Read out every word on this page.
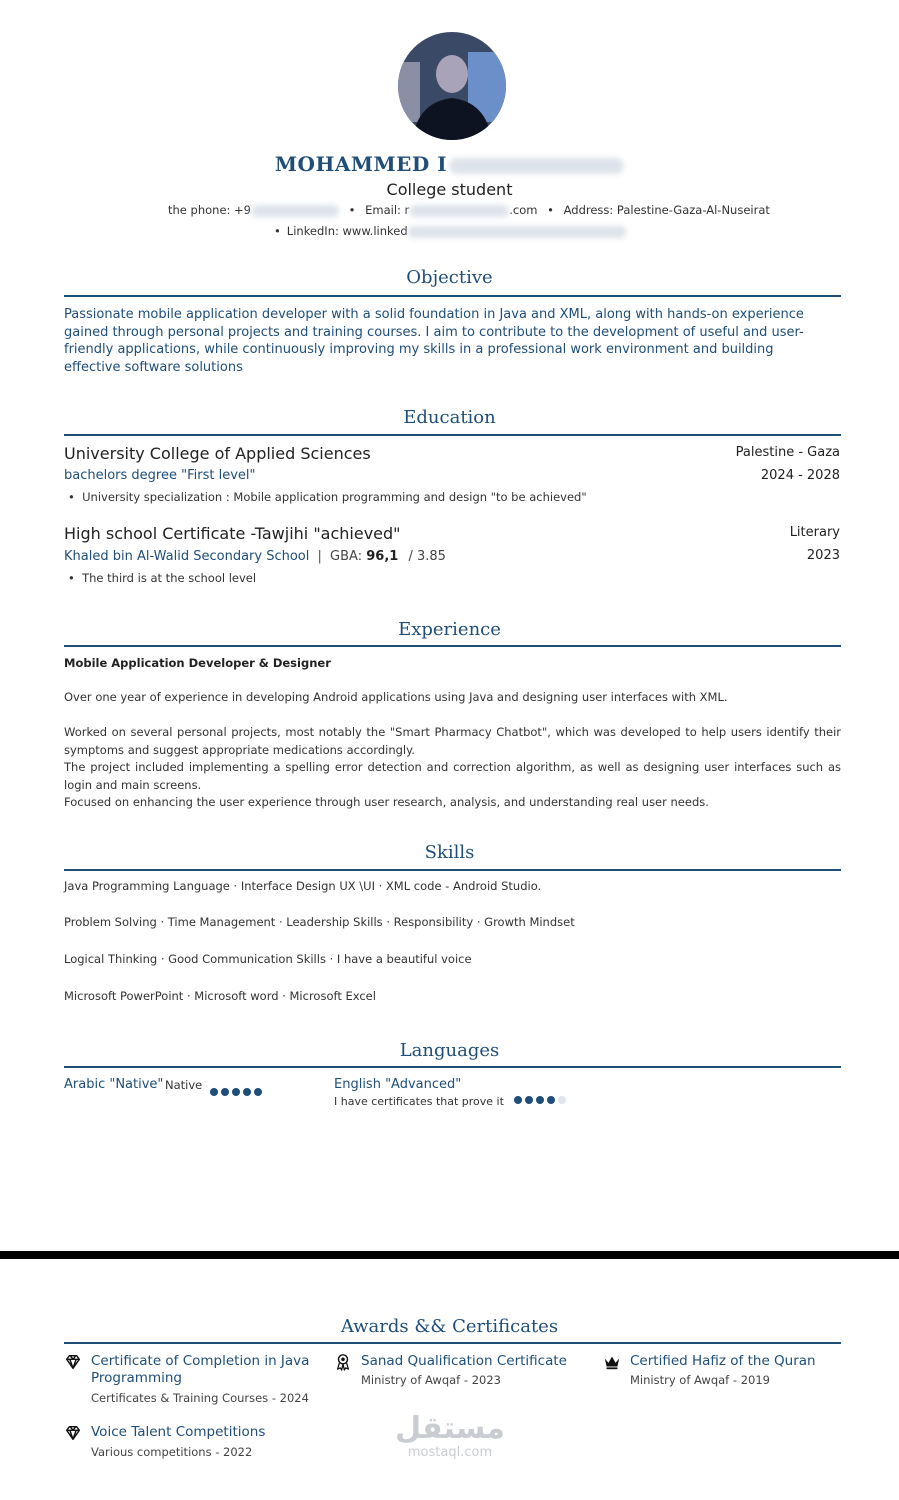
MOHAMMED I
College student
the phone: +9	• Email: r	.com • Address: Palestine-Gaza-Al-Nuseirat
• LinkedIn: www.linked
Objective
Passionate mobile application developer with a solid foundation in Java and XML, along with hands-on experience gained through personal projects and training courses. I aim to contribute to the development of useful and user-friendly applications, while continuously improving my skills in a professional work environment and building effective software solutions
Education
University College of Applied Sciences
bachelors degree "First level"
Palestine - Gaza
2024 - 2028
•  University specialization : Mobile application programming and design "to be achieved"
High school Certificate -Tawjihi "achieved"
Khaled bin Al-Walid Secondary School | GBA: 96,1 / 3.85
Literary
2023
•  The third is at the school level
Experience
Mobile Application Developer & Designer
Over one year of experience in developing Android applications using Java and designing user interfaces with XML.
Worked on several personal projects, most notably the "Smart Pharmacy Chatbot", which was developed to help users identify their symptoms and suggest appropriate medications accordingly.
The project included implementing a spelling error detection and correction algorithm, as well as designing user interfaces such as login and main screens.
Focused on enhancing the user experience through user research, analysis, and understanding real user needs.
Skills
Java Programming Language · Interface Design UX \UI · XML code - Android Studio.
Problem Solving · Time Management · Leadership Skills · Responsibility · Growth Mindset
Logical Thinking · Good Communication Skills · I have a beautiful voice
Microsoft PowerPoint · Microsoft word · Microsoft Excel
Languages
Arabic "Native" Native	English "Advanced"
I have certificates that prove it
Awards && Certificates
Certificate of Completion in Java Programming
Certificates & Training Courses - 2024
Sanad Qualification Certificate
Ministry of Awqaf - 2023
Certified Hafiz of the Quran
Ministry of Awqaf - 2019
Voice Talent Competitions
Various competitions - 2022
مستقل
mostaql.com
